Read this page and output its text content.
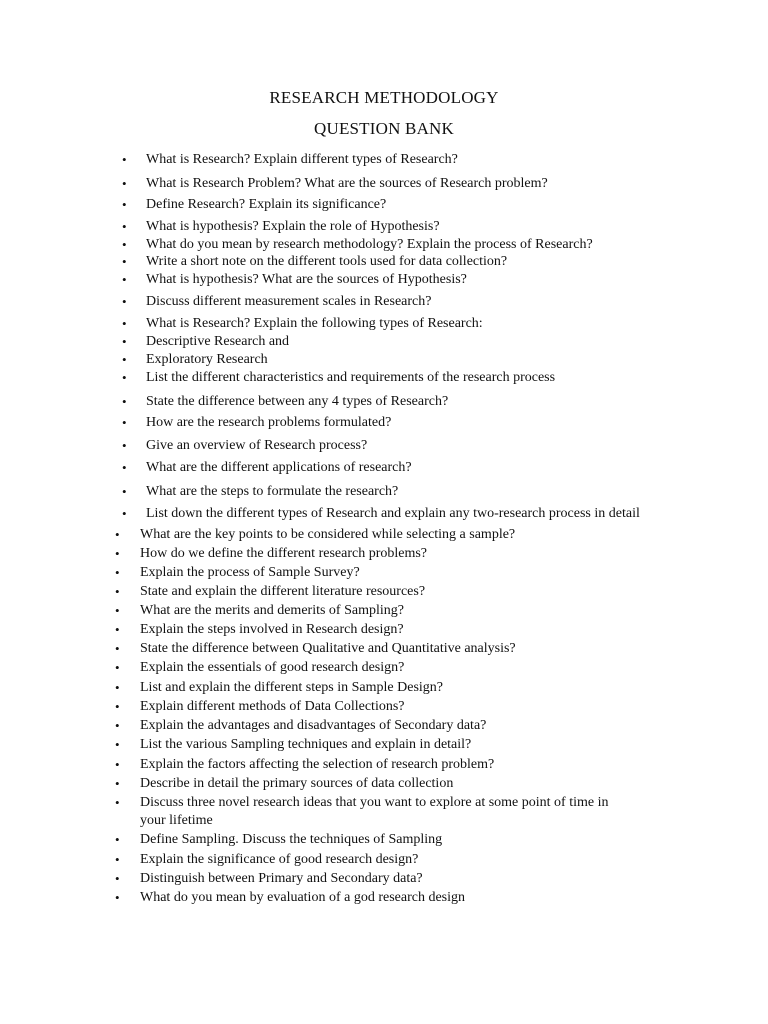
RESEARCH METHODOLOGY
QUESTION BANK
• What is Research? Explain different types of Research?
• What is Research Problem? What are the sources of Research problem?
• Define Research? Explain its significance?
• What is hypothesis? Explain the role of Hypothesis?
• What do you mean by research methodology? Explain the process of Research?
• Write a short note on the different tools used for data collection?
• What is hypothesis? What are the sources of Hypothesis?
• Discuss different measurement scales in Research?
• What is Research? Explain the following types of Research:
• Descriptive Research and
• Exploratory Research
• List the different characteristics and requirements of the research process
• State the difference between any 4 types of Research?
• How are the research problems formulated?
• Give an overview of Research process?
• What are the different applications of research?
• What are the steps to formulate the research?
• List down the different types of Research and explain any two-research process in detail
• What are the key points to be considered while selecting a sample?
• How do we define the different research problems?
• Explain the process of Sample Survey?
• State and explain the different literature resources?
• What are the merits and demerits of Sampling?
• Explain the steps involved in Research design?
• State the difference between Qualitative and Quantitative analysis?
• Explain the essentials of good research design?
• List and explain the different steps in Sample Design?
• Explain different methods of Data Collections?
• Explain the advantages and disadvantages of Secondary data?
• List the various Sampling techniques and explain in detail?
• Explain the factors affecting the selection of research problem?
• Describe in detail the primary sources of data collection
• Discuss three novel research ideas that you want to explore at some point of time in
your lifetime
• Define Sampling. Discuss the techniques of Sampling
• Explain the significance of good research design?
• Distinguish between Primary and Secondary data?
• What do you mean by evaluation of a god research design
